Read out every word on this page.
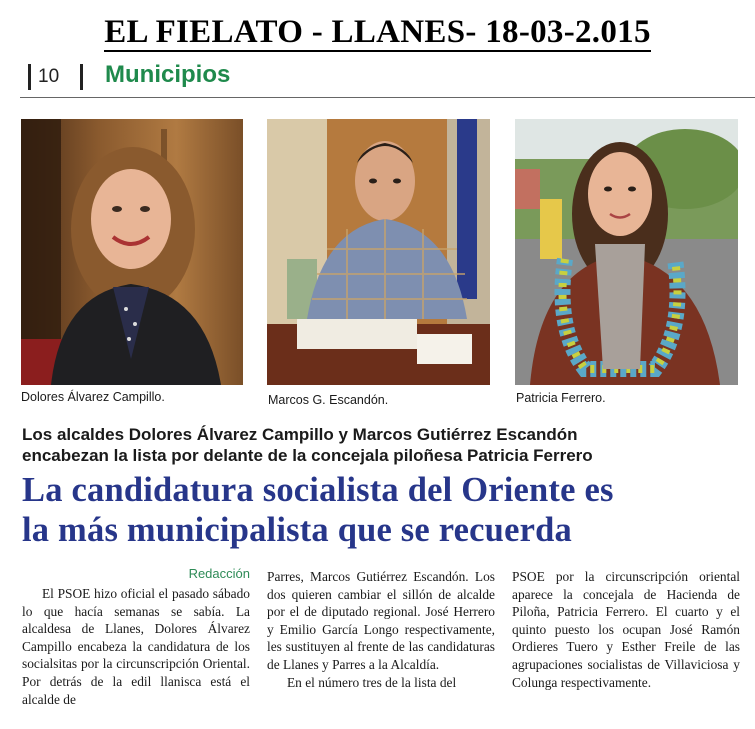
EL FIELATO - LLANES- 18-03-2.015
10 Municipios
Dolores Álvarez Campillo.	Marcos G. Escandón.	Patricia Ferrero.
Los alcaldes Dolores Álvarez Campillo y Marcos Gutiérrez Escandón
encabezan la lista por delante de la concejala piloñesa Patricia Ferrero
La candidatura socialista del Oriente es
la más municipalista que se recuerda
Redacción

El PSOE hizo oficial el pasado sábado lo que hacía semanas se sabía. La alcaldesa de Llanes, Dolores Álvarez Campillo encabeza la candidatura de los socialsitas por la circunscripción Oriental. Por detrás de la edil llanisca está el alcalde de

Parres, Marcos Gutiérrez Escandón. Los dos quieren cambiar el sillón de alcalde por el de diputado regional. José Herrero y Emilio García Longo respectivamente, les sustituyen al frente de las candidaturas de Llanes y Parres a la Alcaldía.

En el número tres de la lista del

PSOE por la circunscripción oriental aparece la concejala de Hacienda de Piloña, Patricia Ferrero. El cuarto y el quinto puesto los ocupan José Ramón Ordieres Tuero y Esther Freile de las agrupaciones socialistas de Villaviciosa y Colunga respectivamente.
